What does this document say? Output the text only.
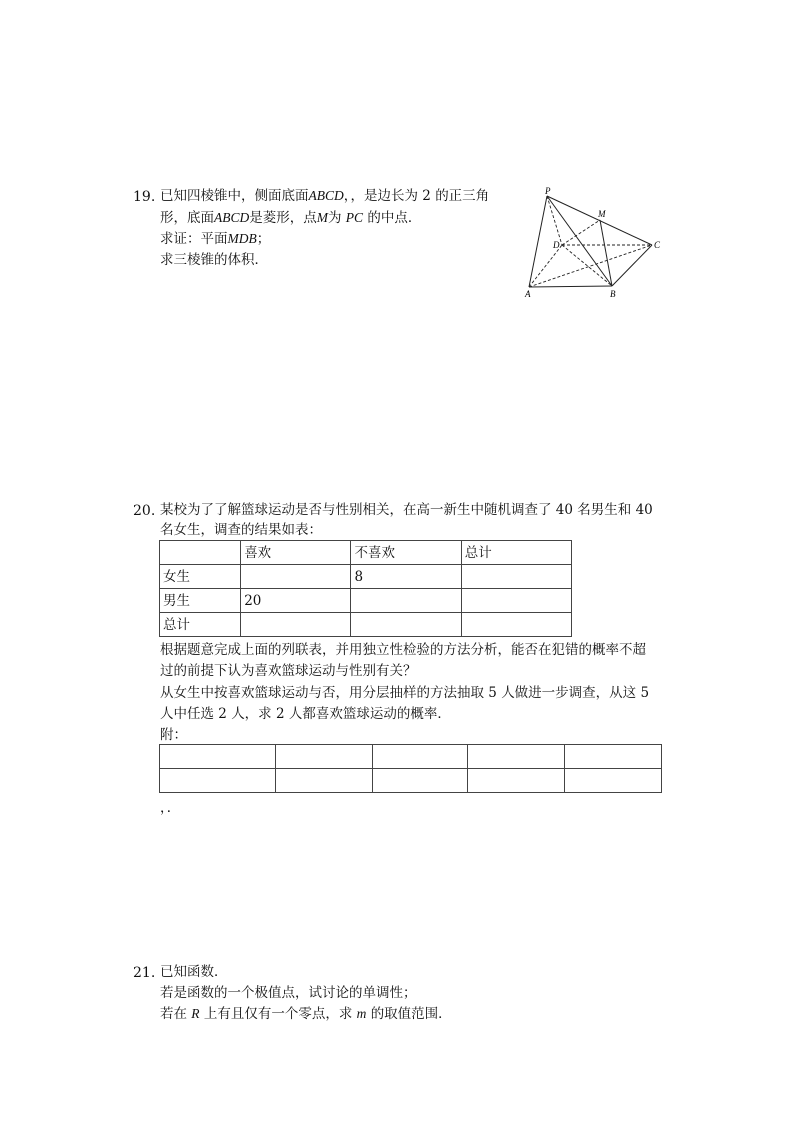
19. 已知四棱锥中，侧面底面ABCD，，是边长为 2 的正三角
形，底面ABCD是菱形，点M为 PC 的中点．
求证：平面MDB；
求三棱锥的体积．
P
M
D	C
A	B
20. 某校为了了解篮球运动是否与性别相关，在高一新生中随机调查了 40 名男生和 40
名女生，调查的结果如表：
	喜欢	不喜欢	总计
女生		8	
男生	20		
总计			
根据题意完成上面的列联表，并用独立性检验的方法分析，能否在犯错的概率不超
过的前提下认为喜欢篮球运动与性别有关？
从女生中按喜欢篮球运动与否，用分层抽样的方法抽取 5 人做进一步调查，从这 5
人中任选 2 人，求 2 人都喜欢篮球运动的概率．
附：

，．
21. 已知函数．
若是函数的一个极值点，试讨论的单调性；
若在 R 上有且仅有一个零点，求 m 的取值范围．
